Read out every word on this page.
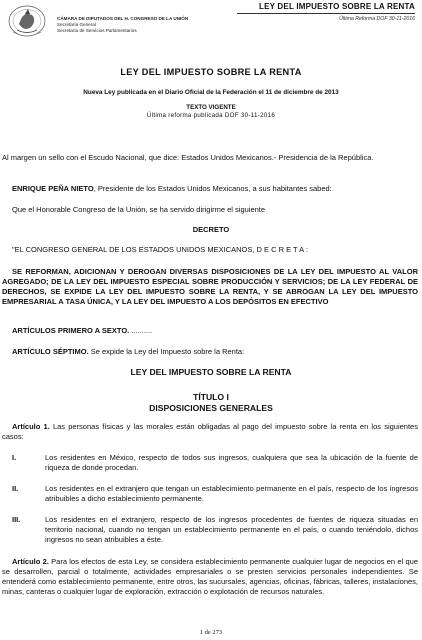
CÁMARA DE DIPUTADOS DEL H. CONGRESO DE LA UNIÓN
Secretaría General
Secretaría de Servicios Parlamentarios
LEY DEL IMPUESTO SOBRE LA RENTA
Última Reforma DOF 30-11-2016
LEY DEL IMPUESTO SOBRE LA RENTA
Nueva Ley publicada en el Diario Oficial de la Federación el 11 de diciembre de 2013
TEXTO VIGENTE
Última reforma publicada DOF 30-11-2016
Al margen un sello con el Escudo Nacional, que dice: Estados Unidos Mexicanos.- Presidencia de la República.
ENRIQUE PEÑA NIETO, Presidente de los Estados Unidos Mexicanos, a sus habitantes sabed:
Que el Honorable Congreso de la Unión, se ha servido dirigirme el siguiente
DECRETO
"EL CONGRESO GENERAL DE LOS ESTADOS UNIDOS MEXICANOS, D E C R E T A :
SE REFORMAN, ADICIONAN Y DEROGAN DIVERSAS DISPOSICIONES DE LA LEY DEL IMPUESTO AL VALOR AGREGADO; DE LA LEY DEL IMPUESTO ESPECIAL SOBRE PRODUCCIÓN Y SERVICIOS; DE LA LEY FEDERAL DE DERECHOS, SE EXPIDE LA LEY DEL IMPUESTO SOBRE LA RENTA, Y SE ABROGAN LA LEY DEL IMPUESTO EMPRESARIAL A TASA ÚNICA, Y LA LEY DEL IMPUESTO A LOS DEPÓSITOS EN EFECTIVO
ARTÍCULOS PRIMERO A SEXTO. ..........
ARTÍCULO SÉPTIMO. Se expide la Ley del Impuesto sobre la Renta:
LEY DEL IMPUESTO SOBRE LA RENTA
TÍTULO I
DISPOSICIONES GENERALES
Artículo 1. Las personas físicas y las morales están obligadas al pago del impuesto sobre la renta en los siguientes casos:
I.	Los residentes en México, respecto de todos sus ingresos, cualquiera que sea la ubicación de la fuente de riqueza de donde procedan.
II.	Los residentes en el extranjero que tengan un establecimiento permanente en el país, respecto de los ingresos atribuibles a dicho establecimiento permanente.
III.	Los residentes en el extranjero, respecto de los ingresos procedentes de fuentes de riqueza situadas en territorio nacional, cuando no tengan un establecimiento permanente en el país, o cuando teniéndolo, dichos ingresos no sean atribuibles a éste.
Artículo 2. Para los efectos de esta Ley, se considera establecimiento permanente cualquier lugar de negocios en el que se desarrollen, parcial o totalmente, actividades empresariales o se presten servicios personales independientes. Se entenderá como establecimiento permanente, entre otros, las sucursales, agencias, oficinas, fábricas, talleres, instalaciones, minas, canteras o cualquier lugar de exploración, extracción o explotación de recursos naturales.
1 de 273
